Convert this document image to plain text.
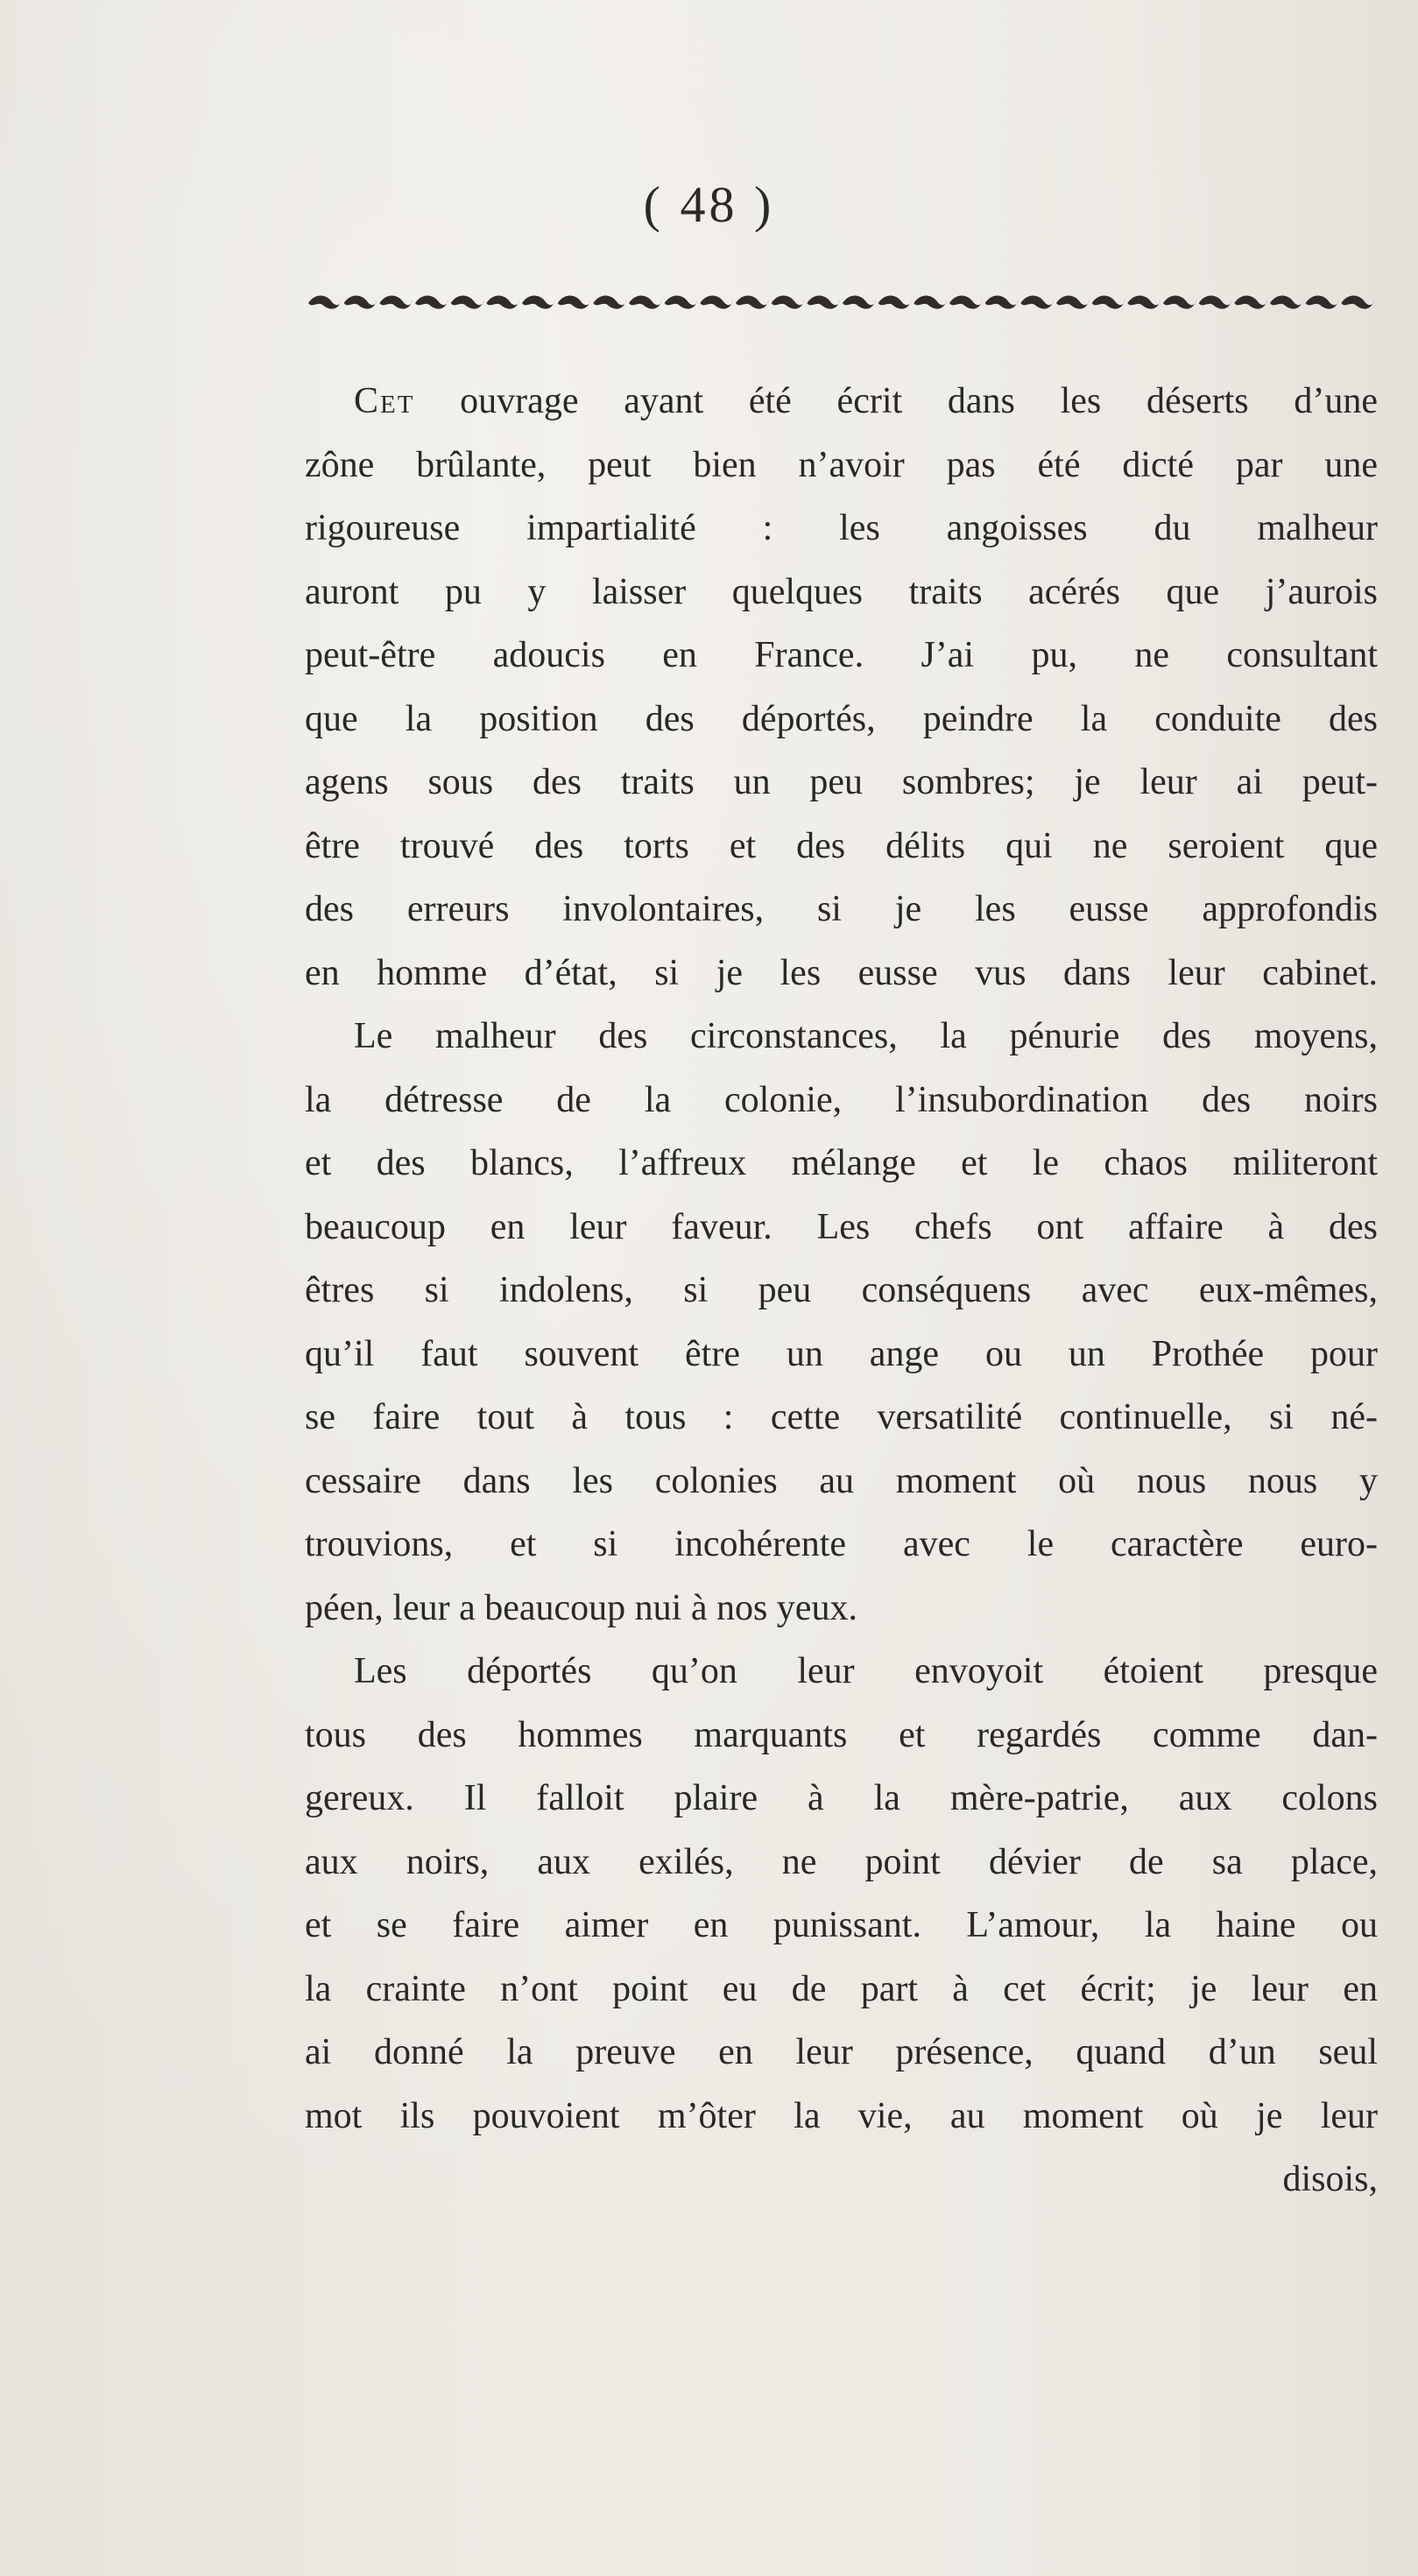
( 48 )
Cet ouvrage ayant été écrit dans les déserts d’une
zône brûlante, peut bien n’avoir pas été dicté par une
rigoureuse impartialité : les angoisses du malheur
auront pu y laisser quelques traits acérés que j’aurois
peut-être adoucis en France. J’ai pu, ne consultant
que la position des déportés, peindre la conduite des
agens sous des traits un peu sombres; je leur ai peut-
être trouvé des torts et des délits qui ne seroient que
des erreurs involontaires, si je les eusse approfondis
en homme d’état, si je les eusse vus dans leur cabinet.
Le malheur des circonstances, la pénurie des moyens,
la détresse de la colonie, l’insubordination des noirs
et des blancs, l’affreux mélange et le chaos militeront
beaucoup en leur faveur. Les chefs ont affaire à des
êtres si indolens, si peu conséquens avec eux-mêmes,
qu’il faut souvent être un ange ou un Prothée pour
se faire tout à tous : cette versatilité continuelle, si né-
cessaire dans les colonies au moment où nous nous y
trouvions, et si incohérente avec le caractère euro-
péen, leur a beaucoup nui à nos yeux.
Les déportés qu’on leur envoyoit étoient presque
tous des hommes marquants et regardés comme dan-
gereux. Il falloit plaire à la mère-patrie, aux colons
aux noirs, aux exilés, ne point dévier de sa place,
et se faire aimer en punissant. L’amour, la haine ou
la crainte n’ont point eu de part à cet écrit; je leur en
ai donné la preuve en leur présence, quand d’un seul
mot ils pouvoient m’ôter la vie, au moment où je leur
disois,
